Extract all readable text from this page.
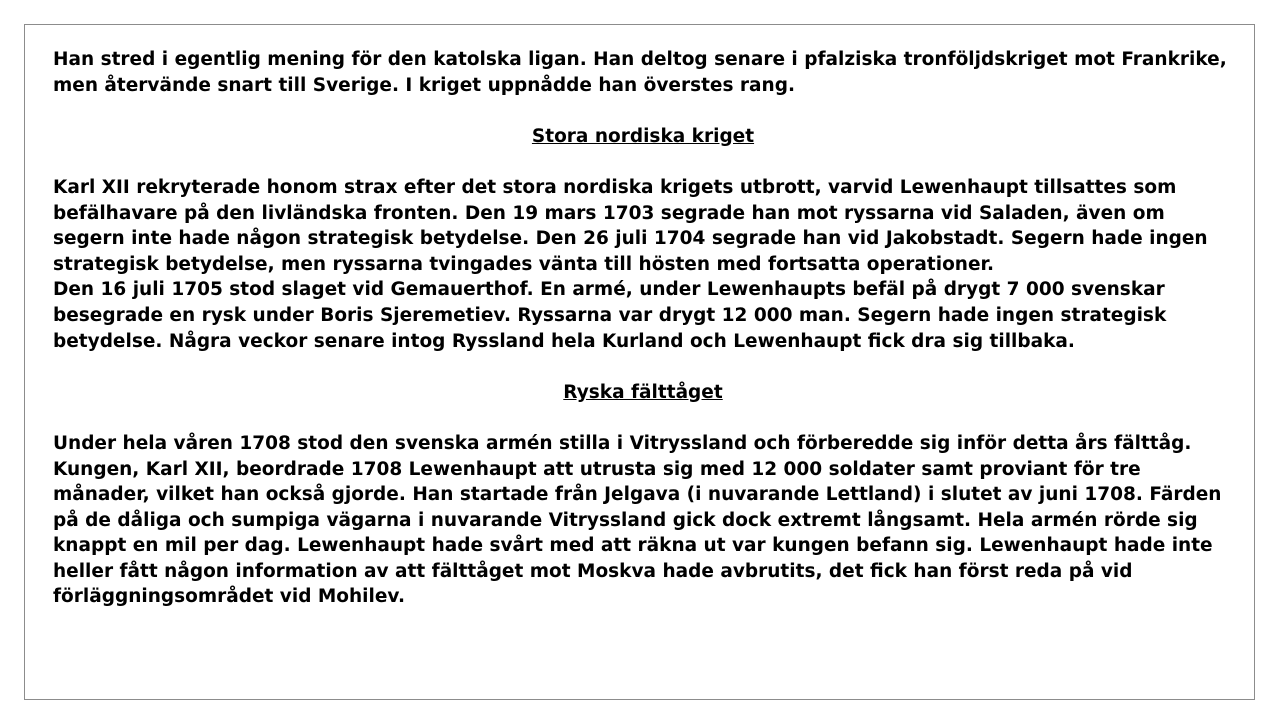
Han stred i egentlig mening för den katolska ligan. Han deltog senare i pfalziska tronföljdskriget mot Frankrike, men återvände snart till Sverige. I kriget uppnådde han överstes rang.

Stora nordiska kriget

Karl XII rekryterade honom strax efter det stora nordiska krigets utbrott, varvid Lewenhaupt tillsattes som befälhavare på den livländska fronten. Den 19 mars 1703 segrade han mot ryssarna vid Saladen, även om segern inte hade någon strategisk betydelse. Den 26 juli 1704 segrade han vid Jakobstadt. Segern hade ingen strategisk betydelse, men ryssarna tvingades vänta till hösten med fortsatta operationer.

Den 16 juli 1705 stod slaget vid Gemauerthof. En armé, under Lewenhaupts befäl på drygt 7 000 svenskar besegrade en rysk under Boris Sjeremetiev. Ryssarna var drygt 12 000 man. Segern hade ingen strategisk betydelse. Några veckor senare intog Ryssland hela Kurland och Lewenhaupt fick dra sig tillbaka.

Ryska fälttåget

Under hela våren 1708 stod den svenska armén stilla i Vitryssland och förberedde sig inför detta års fälttåg. Kungen, Karl XII, beordrade 1708 Lewenhaupt att utrusta sig med 12 000 soldater samt proviant för tre månader, vilket han också gjorde. Han startade från Jelgava (i nuvarande Lettland) i slutet av juni 1708. Färden på de dåliga och sumpiga vägarna i nuvarande Vitryssland gick dock extremt långsamt. Hela armén rörde sig knappt en mil per dag. Lewenhaupt hade svårt med att räkna ut var kungen befann sig. Lewenhaupt hade inte heller fått någon information av att fälttåget mot Moskva hade avbrutits, det fick han först reda på vid förläggningsområdet vid Mohilev.
